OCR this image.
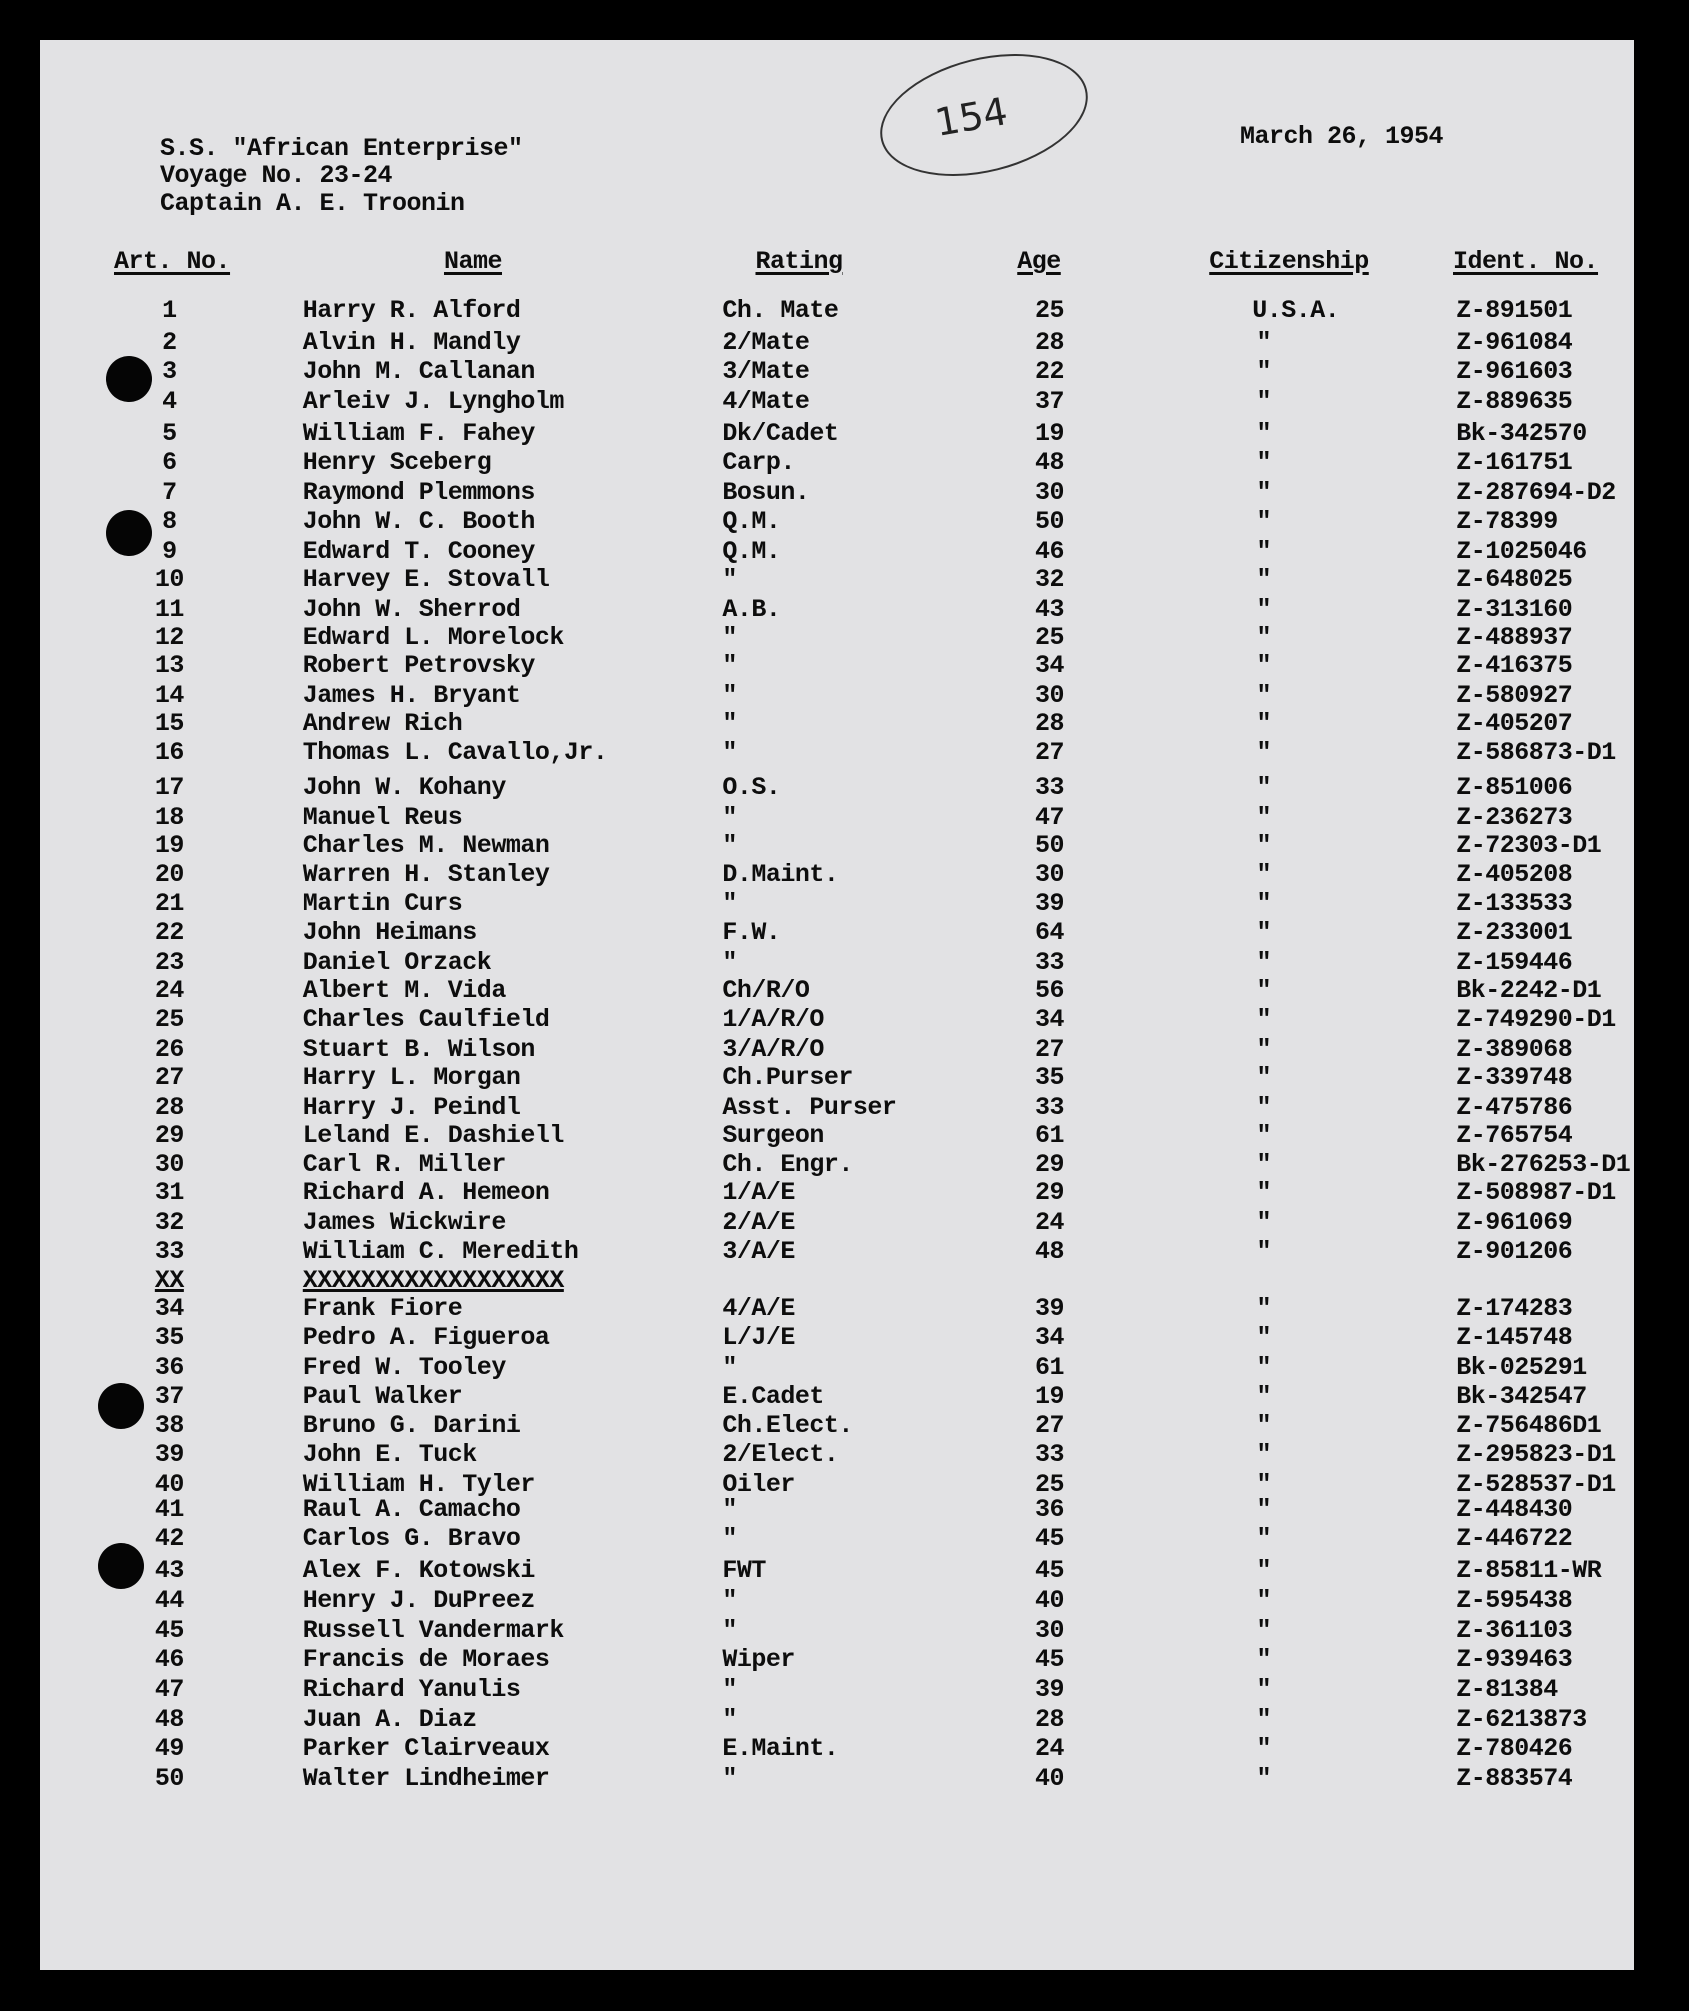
154
S.S. "African Enterprise"
Voyage No. 23-24
Captain A. E. Troonin
March 26, 1954
Art. No.	Name	Rating	Age	Citizenship	Ident. No.
1	Harry R. Alford	Ch. Mate	25	U.S.A.	Z-891501
2	Alvin H. Mandly	2/Mate	28	"	Z-961084
3	John M. Callanan	3/Mate	22	"	Z-961603
4	Arleiv J. Lyngholm	4/Mate	37	"	Z-889635
5	William F. Fahey	Dk/Cadet	19	"	Bk-342570
6	Henry Sceberg	Carp.	48	"	Z-161751
7	Raymond Plemmons	Bosun.	30	"	Z-287694-D2
8	John W. C. Booth	Q.M.	50	"	Z-78399
9	Edward T. Cooney	Q.M.	46	"	Z-1025046
10	Harvey E. Stovall	"	32	"	Z-648025
11	John W. Sherrod	A.B.	43	"	Z-313160
12	Edward L. Morelock	"	25	"	Z-488937
13	Robert Petrovsky	"	34	"	Z-416375
14	James H. Bryant	"	30	"	Z-580927
15	Andrew Rich	"	28	"	Z-405207
16	Thomas L. Cavallo,Jr.	"	27	"	Z-586873-D1
17	John W. Kohany	O.S.	33	"	Z-851006
18	Manuel Reus	"	47	"	Z-236273
19	Charles M. Newman	"	50	"	Z-72303-D1
20	Warren H. Stanley	D.Maint.	30	"	Z-405208
21	Martin Curs	"	39	"	Z-133533
22	John Heimans	F.W.	64	"	Z-233001
23	Daniel Orzack	"	33	"	Z-159446
24	Albert M. Vida	Ch/R/O	56	"	Bk-2242-D1
25	Charles Caulfield	1/A/R/O	34	"	Z-749290-D1
26	Stuart B. Wilson	3/A/R/O	27	"	Z-389068
27	Harry L. Morgan	Ch.Purser	35	"	Z-339748
28	Harry J. Peindl	Asst. Purser	33	"	Z-475786
29	Leland E. Dashiell	Surgeon	61	"	Z-765754
30	Carl R. Miller	Ch. Engr.	29	"	Bk-276253-D1
31	Richard A. Hemeon	1/A/E	29	"	Z-508987-D1
32	James Wickwire	2/A/E	24	"	Z-961069
33	William C. Meredith	3/A/E	48	"	Z-901206
XX	XXXXXXXXXXXXXXXXXX
34	Frank Fiore	4/A/E	39	"	Z-174283
35	Pedro A. Figueroa	L/J/E	34	"	Z-145748
36	Fred W. Tooley	"	61	"	Bk-025291
37	Paul Walker	E.Cadet	19	"	Bk-342547
38	Bruno G. Darini	Ch.Elect.	27	"	Z-756486D1
39	John E. Tuck	2/Elect.	33	"	Z-295823-D1
40	William H. Tyler	Oiler	25	"	Z-528537-D1
41	Raul A. Camacho	"	36	"	Z-448430
42	Carlos G. Bravo	"	45	"	Z-446722
43	Alex F. Kotowski	FWT	45	"	Z-85811-WR
44	Henry J. DuPreez	"	40	"	Z-595438
45	Russell Vandermark	"	30	"	Z-361103
46	Francis de Moraes	Wiper	45	"	Z-939463
47	Richard Yanulis	"	39	"	Z-81384
48	Juan A. Diaz	"	28	"	Z-6213873
49	Parker Clairveaux	E.Maint.	24	"	Z-780426
50	Walter Lindheimer	"	40	"	Z-883574
